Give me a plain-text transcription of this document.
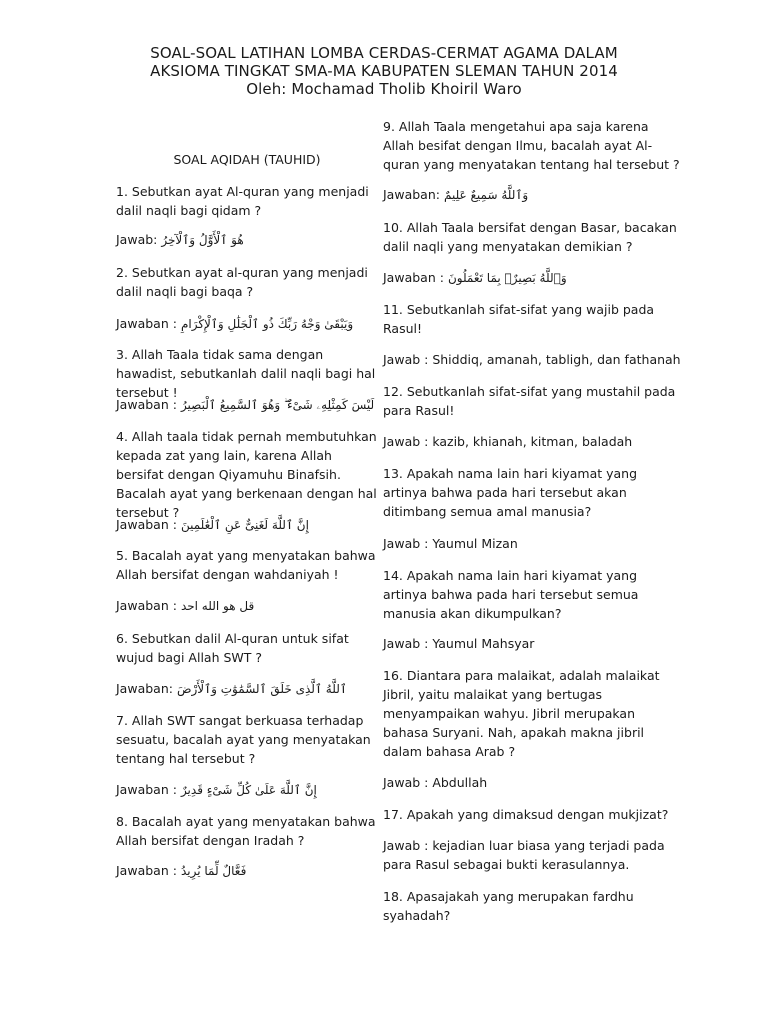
SOAL-SOAL LATIHAN LOMBA CERDAS-CERMAT AGAMA DALAM
AKSIOMA TINGKAT SMA-MA KABUPATEN SLEMAN TAHUN 2014
Oleh: Mochamad Tholib Khoiril Waro
SOAL AQIDAH (TAUHID)
1. Sebutkan ayat Al-quran yang menjadi dalil naqli bagi qidam ?
Jawab: هُوَ ٱلْأَوَّلُ وَٱلْآخِرُ
2. Sebutkan ayat al-quran yang menjadi dalil naqli bagi baqa ?
Jawaban : وَيَبْقَىٰ وَجْهُ رَبِّكَ ذُو ٱلْجَلَٰلِ وَٱلْإِكْرَامِ
3. Allah Taala tidak sama dengan hawadist, sebutkanlah dalil naqli bagi hal tersebut !
Jawaban : لَيْسَ كَمِثْلِهِۦ شَىْءٌ ۖ وَهُوَ ٱلسَّمِيعُ ٱلْبَصِيرُ
4. Allah taala tidak pernah membutuhkan kepada zat yang lain, karena Allah bersifat dengan Qiyamuhu Binafsih. Bacalah ayat yang berkenaan dengan hal tersebut ?
Jawaban : إِنَّ ٱللَّهَ لَغَنِىٌّ عَنِ ٱلْعَٰلَمِينَ
5. Bacalah ayat yang menyatakan bahwa Allah bersifat dengan wahdaniyah !
Jawaban : قل هو الله احد
6. Sebutkan dalil Al-quran untuk sifat wujud bagi Allah SWT ?
Jawaban: ٱللَّهُ ٱلَّذِى خَلَقَ ٱلسَّمَٰوَٰتِ وَٱلْأَرْضَ
7. Allah SWT sangat berkuasa terhadap sesuatu, bacalah ayat yang menyatakan tentang hal tersebut ?
Jawaban : إِنَّ ٱللَّهَ عَلَىٰ كُلِّ شَىْءٍ قَدِيرٌ
8. Bacalah ayat yang menyatakan bahwa Allah bersifat dengan Iradah ?
Jawaban : فَعَّالٌ لِّمَا يُرِيدُ
9. Allah Taala mengetahui apa saja karena Allah besifat dengan Ilmu, bacalah ayat Al-quran yang menyatakan tentang hal tersebut ?
Jawaban: وَٱللَّهُ سَمِيعٌ عَلِيمٌ
10. Allah Taala bersifat dengan Basar, bacakan dalil naqli yang menyatakan demikian ?
Jawaban : وَٱللَّهُ بَصِيرٌۢ بِمَا تَعْمَلُونَ
11. Sebutkanlah sifat-sifat yang wajib pada Rasul!
Jawab : Shiddiq, amanah, tabligh, dan fathanah
12. Sebutkanlah sifat-sifat yang mustahil pada para Rasul!
Jawab : kazib, khianah, kitman, baladah
13. Apakah nama lain hari kiyamat yang artinya bahwa pada hari tersebut akan ditimbang semua amal manusia?
Jawab : Yaumul Mizan
14. Apakah nama lain hari kiyamat yang artinya bahwa pada hari tersebut semua manusia akan dikumpulkan?
Jawab : Yaumul Mahsyar
16. Diantara para malaikat, adalah malaikat Jibril, yaitu malaikat yang bertugas menyampaikan wahyu. Jibril merupakan bahasa Suryani. Nah, apakah makna jibril dalam bahasa Arab ?
Jawab : Abdullah
17. Apakah yang dimaksud dengan mukjizat?
Jawab : kejadian luar biasa yang terjadi pada para Rasul sebagai bukti kerasulannya.
18. Apasajakah yang merupakan fardhu syahadah?
